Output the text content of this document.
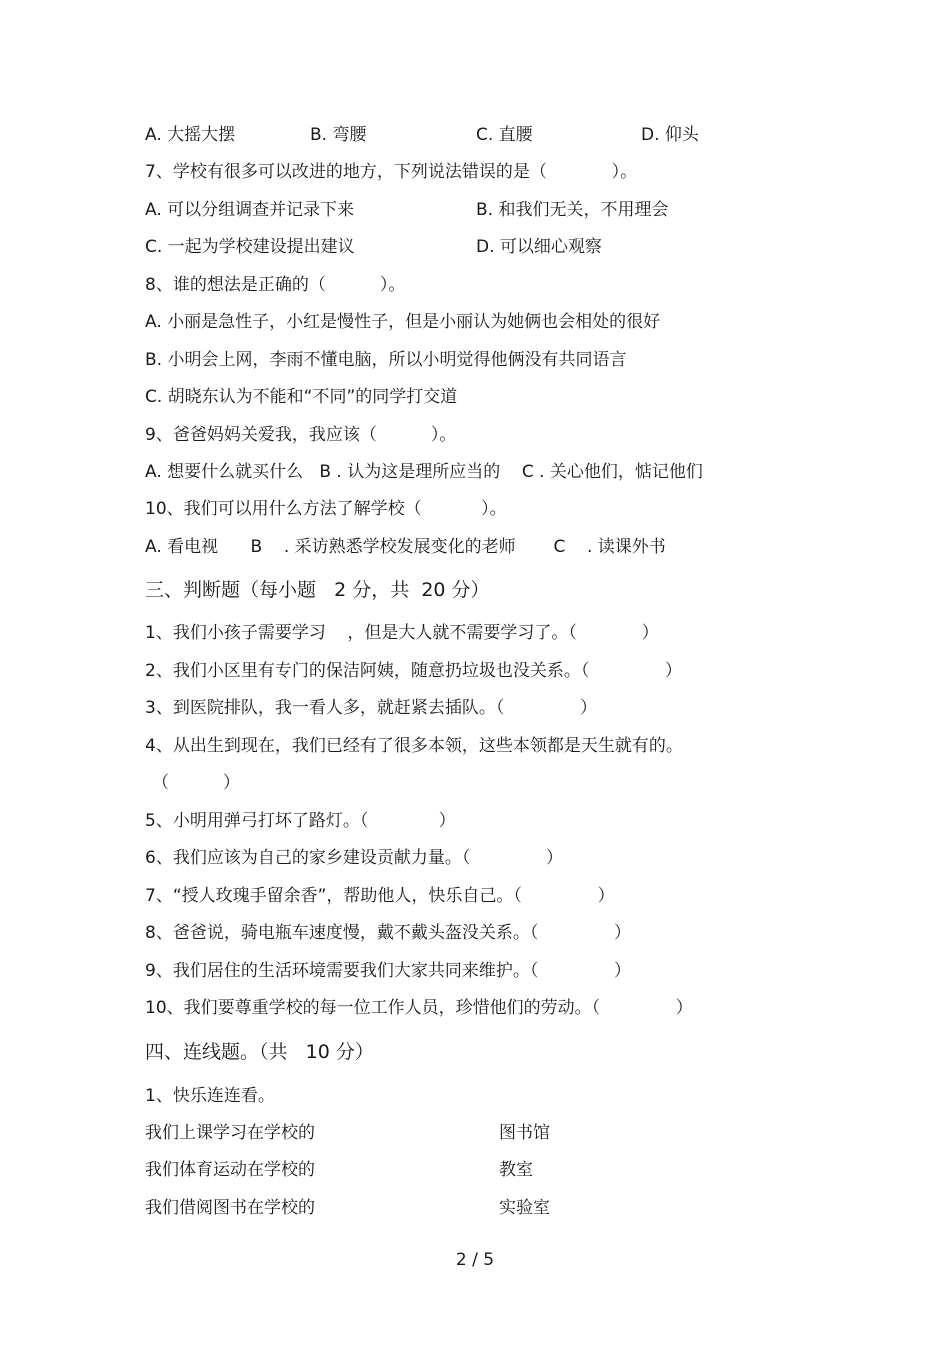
A. 大摇大摆	B. 弯腰	C. 直腰	D. 仰头
7、学校有很多可以改进的地方，下列说法错误的是（            ）。
A. 可以分组调查并记录下来	B. 和我们无关，不用理会
C. 一起为学校建设提出建议	D. 可以细心观察
8、谁的想法是正确的（          ）。
A. 小丽是急性子，小红是慢性子，但是小丽认为她俩也会相处的很好
B. 小明会上网，李雨不懂电脑，所以小明觉得他俩没有共同语言
C. 胡晓东认为不能和“不同”的同学打交道
9、爸爸妈妈关爱我，我应该（          ）。
A. 想要什么就买什么   B . 认为这是理所应当的    C . 关心他们，惦记他们
10、我们可以用什么方法了解学校（           ）。
A. 看电视      B    . 采访熟悉学校发展变化的老师       C    . 读课外书
三、判断题（每小题   2 分，共  20 分）
1、我们小孩子需要学习    ，但是大人就不需要学习了。（            ）
2、我们小区里有专门的保洁阿姨，随意扔垃圾也没关系。（              ）
3、到医院排队，我一看人多，就赶紧去插队。（              ）
4、从出生到现在，我们已经有了很多本领，这些本领都是天生就有的。
（          ）
5、小明用弹弓打坏了路灯。（             ）
6、我们应该为自己的家乡建设贡献力量。（              ）
7、“授人玫瑰手留余香”，帮助他人，快乐自己。（              ）
8、爸爸说，骑电瓶车速度慢，戴不戴头盔没关系。（              ）
9、我们居住的生活环境需要我们大家共同来维护。（              ）
10、我们要尊重学校的每一位工作人员，珍惜他们的劳动。（              ）
四、连线题。（共   10 分）
1、快乐连连看。
我们上课学习在学校的	图书馆
我们体育运动在学校的	教室
我们借阅图书在学校的	实验室
2 / 5
